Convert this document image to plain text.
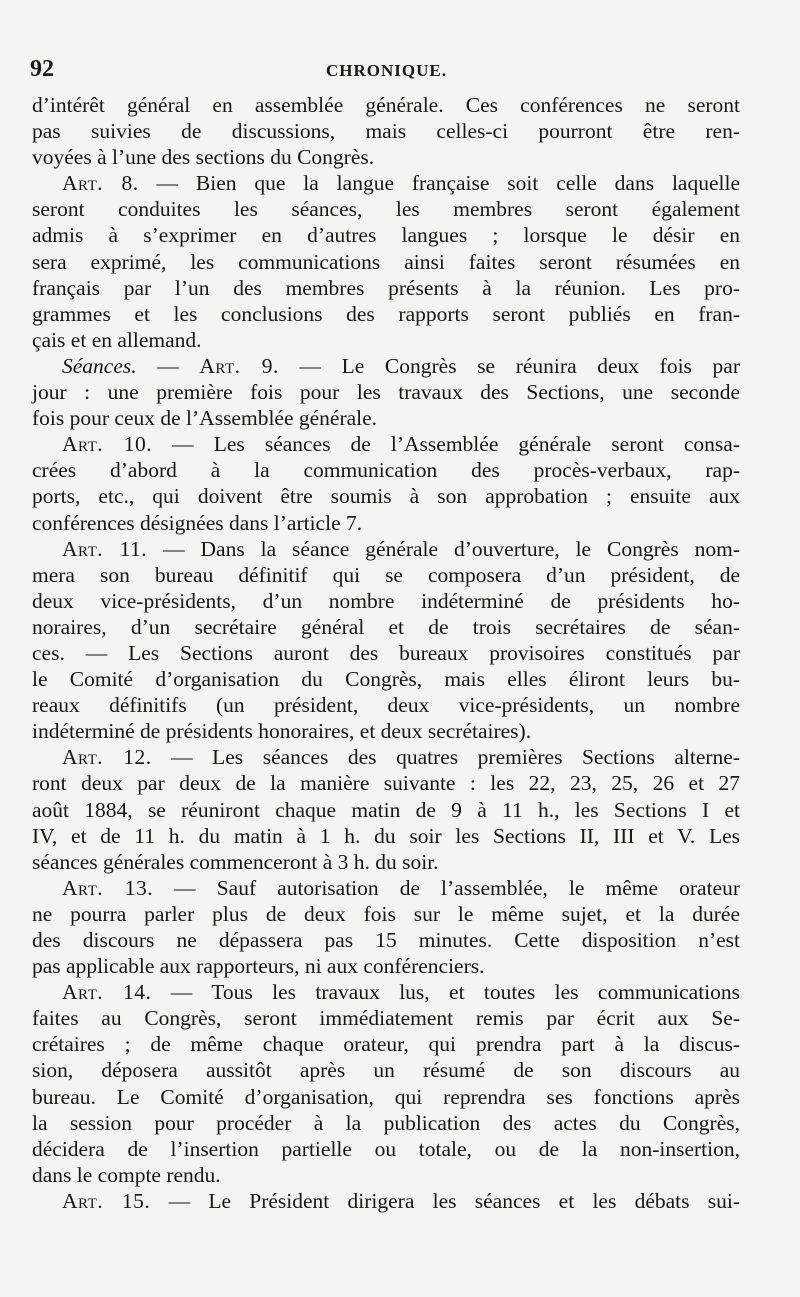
92	CHRONIQUE.
d’intérêt général en assemblée générale. Ces conférences ne seront
pas suivies de discussions, mais celles-ci pourront être ren-
voyées à l’une des sections du Congrès.
Art. 8. — Bien que la langue française soit celle dans laquelle
seront conduites les séances, les membres seront également
admis à s’exprimer en d’autres langues ; lorsque le désir en
sera exprimé, les communications ainsi faites seront résumées en
français par l’un des membres présents à la réunion. Les pro-
grammes et les conclusions des rapports seront publiés en fran-
çais et en allemand.
Séances. — Art. 9. — Le Congrès se réunira deux fois par
jour : une première fois pour les travaux des Sections, une seconde
fois pour ceux de l’Assemblée générale.
Art. 10. — Les séances de l’Assemblée générale seront consa-
crées d’abord à la communication des procès-verbaux, rap-
ports, etc., qui doivent être soumis à son approbation ; ensuite aux
conférences désignées dans l’article 7.
Art. 11. — Dans la séance générale d’ouverture, le Congrès nom-
mera son bureau définitif qui se composera d’un président, de
deux vice-présidents, d’un nombre indéterminé de présidents ho-
noraires, d’un secrétaire général et de trois secrétaires de séan-
ces. — Les Sections auront des bureaux provisoires constitués par
le Comité d’organisation du Congrès, mais elles éliront leurs bu-
reaux définitifs (un président, deux vice-présidents, un nombre
indéterminé de présidents honoraires, et deux secrétaires).
Art. 12. — Les séances des quatres premières Sections alterne-
ront deux par deux de la manière suivante : les 22, 23, 25, 26 et 27
août 1884, se réuniront chaque matin de 9 à 11 h., les Sections I et
IV, et de 11 h. du matin à 1 h. du soir les Sections II, III et V. Les
séances générales commenceront à 3 h. du soir.
Art. 13. — Sauf autorisation de l’assemblée, le même orateur
ne pourra parler plus de deux fois sur le même sujet, et la durée
des discours ne dépassera pas 15 minutes. Cette disposition n’est
pas applicable aux rapporteurs, ni aux conférenciers.
Art. 14. — Tous les travaux lus, et toutes les communications
faites au Congrès, seront immédiatement remis par écrit aux Se-
crétaires ; de même chaque orateur, qui prendra part à la discus-
sion, déposera aussitôt après un résumé de son discours au
bureau. Le Comité d’organisation, qui reprendra ses fonctions après
la session pour procéder à la publication des actes du Congrès,
décidera de l’insertion partielle ou totale, ou de la non-insertion,
dans le compte rendu.
Art. 15. — Le Président dirigera les séances et les débats sui-
